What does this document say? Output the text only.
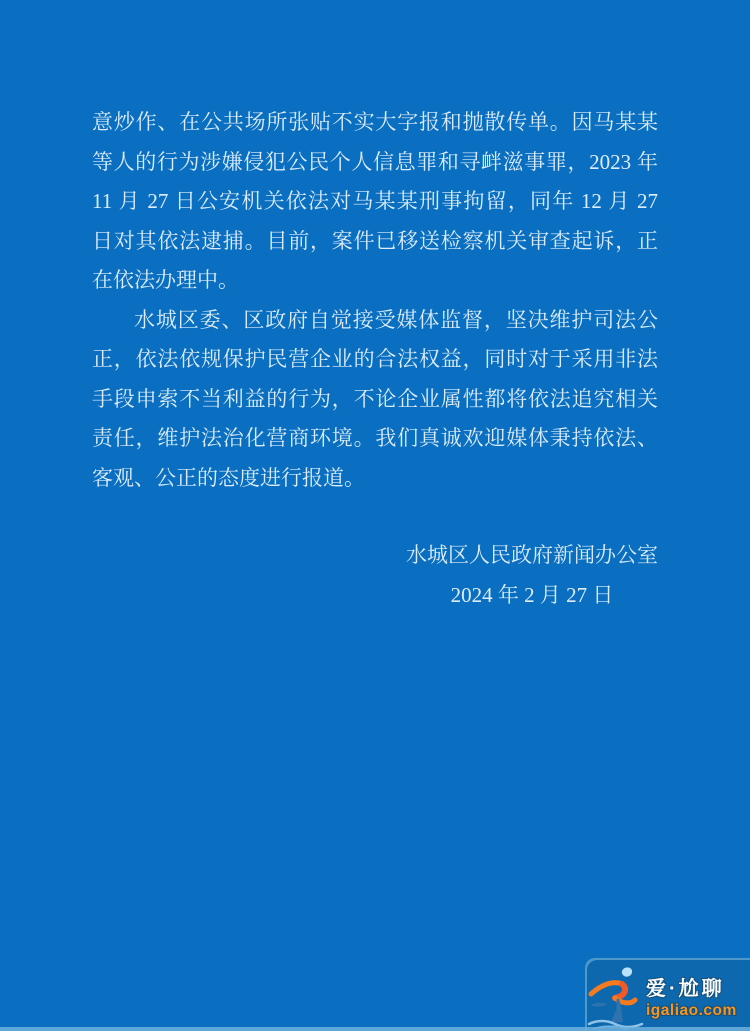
意炒作、在公共场所张贴不实大字报和抛散传单。因马某某
等人的行为涉嫌侵犯公民个人信息罪和寻衅滋事罪，2023 年
11 月 27 日公安机关依法对马某某刑事拘留，同年 12 月 27
日对其依法逮捕。目前，案件已移送检察机关审查起诉，正
在依法办理中。
水城区委、区政府自觉接受媒体监督，坚决维护司法公
正，依法依规保护民营企业的合法权益，同时对于采用非法
手段申索不当利益的行为，不论企业属性都将依法追究相关
责任，维护法治化营商环境。我们真诚欢迎媒体秉持依法、
客观、公正的态度进行报道。
水城区人民政府新闻办公室
2024 年 2 月 27 日
爱·尬聊
igaliao.com
